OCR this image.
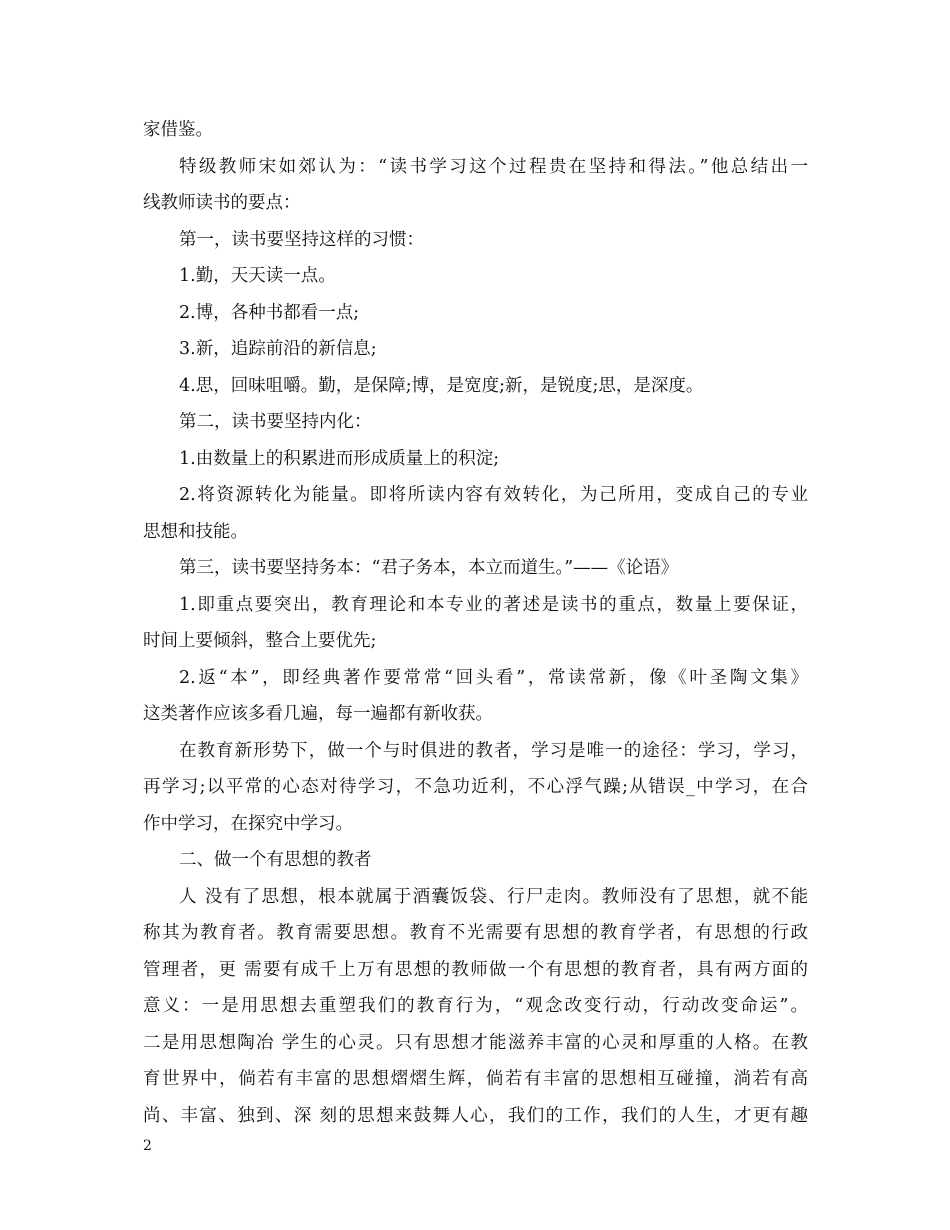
家借鉴。
特级教师宋如郊认为：“读书学习这个过程贵在坚持和得法。”他总结出一
线教师读书的要点：
第一，读书要坚持这样的习惯：
1.勤，天天读一点。
2.博，各种书都看一点;
3.新，追踪前沿的新信息;
4.思，回味咀嚼。勤，是保障;博，是宽度;新，是锐度;思，是深度。
第二，读书要坚持内化：
1.由数量上的积累进而形成质量上的积淀;
2.将资源转化为能量。即将所读内容有效转化，为己所用，变成自己的专业
思想和技能。
第三，读书要坚持务本：“君子务本，本立而道生。”——《论语》
1.即重点要突出，教育理论和本专业的著述是读书的重点，数量上要保证，
时间上要倾斜，整合上要优先;
2.返“本”，即经典著作要常常“回头看”，常读常新，像《叶圣陶文集》
这类著作应该多看几遍，每一遍都有新收获。
在教育新形势下，做一个与时俱进的教者，学习是唯一的途径：学习，学习，
再学习;以平常的心态对待学习，不急功近利，不心浮气躁;从错误_中学习，在合
作中学习，在探究中学习。
二、做一个有思想的教者
人 没有了思想，根本就属于酒囊饭袋、行尸走肉。教师没有了思想，就不能
称其为教育者。教育需要思想。教育不光需要有思想的教育学者，有思想的行政
管理者，更 需要有成千上万有思想的教师做一个有思想的教育者，具有两方面的
意义：一是用思想去重塑我们的教育行为，“观念改变行动，行动改变命运”。
二是用思想陶冶 学生的心灵。只有思想才能滋养丰富的心灵和厚重的人格。在教
育世界中，倘若有丰富的思想熠熠生辉，倘若有丰富的思想相互碰撞，淌若有高
尚、丰富、独到、深 刻的思想来鼓舞人心，我们的工作，我们的人生，才更有趣
2
